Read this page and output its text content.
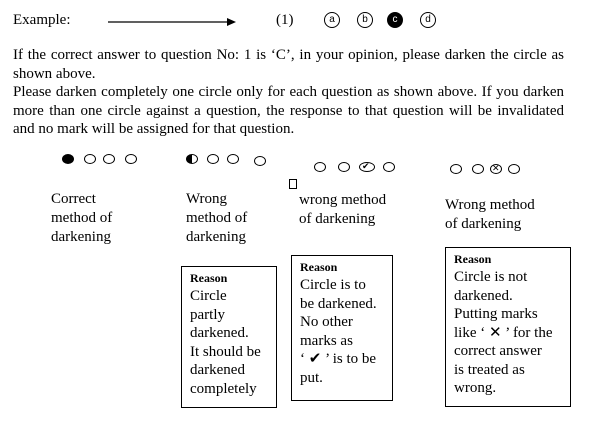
Example:	(1)	a	b	c	d
If the correct answer to question No: 1 is ‘C’, in your opinion, please darken the circle as shown above.
Please darken completely one circle only for each question as shown above. If you darken more than one circle against a question, the response to that question will be invalidated and no mark will be assigned for that question.
✔	✕
Correct
method of
darkening
Wrong
method of
darkening
wrong method
of darkening
Wrong method
of darkening
Reason
Circle
partly
darkened.
It should be
darkened
completely
Reason
Circle is to
be darkened.
No other
marks as
‘ ✔ ’ is to be
put.
Reason
Circle is not
darkened.
Putting marks
like ‘ ✕ ’ for the
correct answer
is treated as
wrong.
